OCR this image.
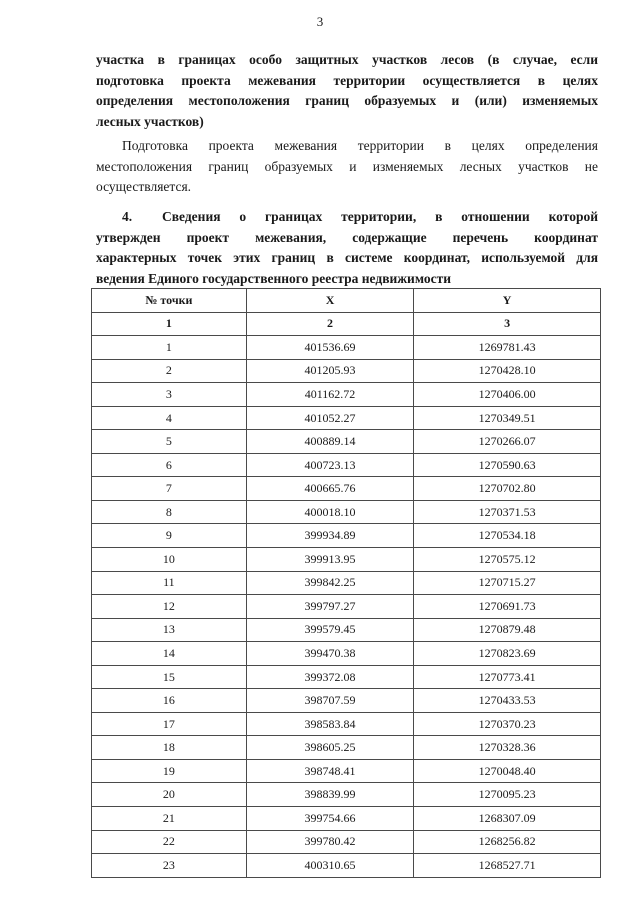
3
участка в границах особо защитных участков лесов (в случае, если
подготовка проекта межевания территории осуществляется в целях
определения местоположения границ образуемых и (или) изменяемых
лесных участков)
Подготовка проекта межевания территории в целях определения
местоположения границ образуемых и изменяемых лесных участков не
осуществляется.
4. Сведения о границах территории, в отношении которой
утвержден проект межевания, содержащие перечень координат
характерных точек этих границ в системе координат, используемой для
ведения Единого государственного реестра недвижимости
№ точки	X	Y
1	2	3
1	401536.69	1269781.43
2	401205.93	1270428.10
3	401162.72	1270406.00
4	401052.27	1270349.51
5	400889.14	1270266.07
6	400723.13	1270590.63
7	400665.76	1270702.80
8	400018.10	1270371.53
9	399934.89	1270534.18
10	399913.95	1270575.12
11	399842.25	1270715.27
12	399797.27	1270691.73
13	399579.45	1270879.48
14	399470.38	1270823.69
15	399372.08	1270773.41
16	398707.59	1270433.53
17	398583.84	1270370.23
18	398605.25	1270328.36
19	398748.41	1270048.40
20	398839.99	1270095.23
21	399754.66	1268307.09
22	399780.42	1268256.82
23	400310.65	1268527.71
